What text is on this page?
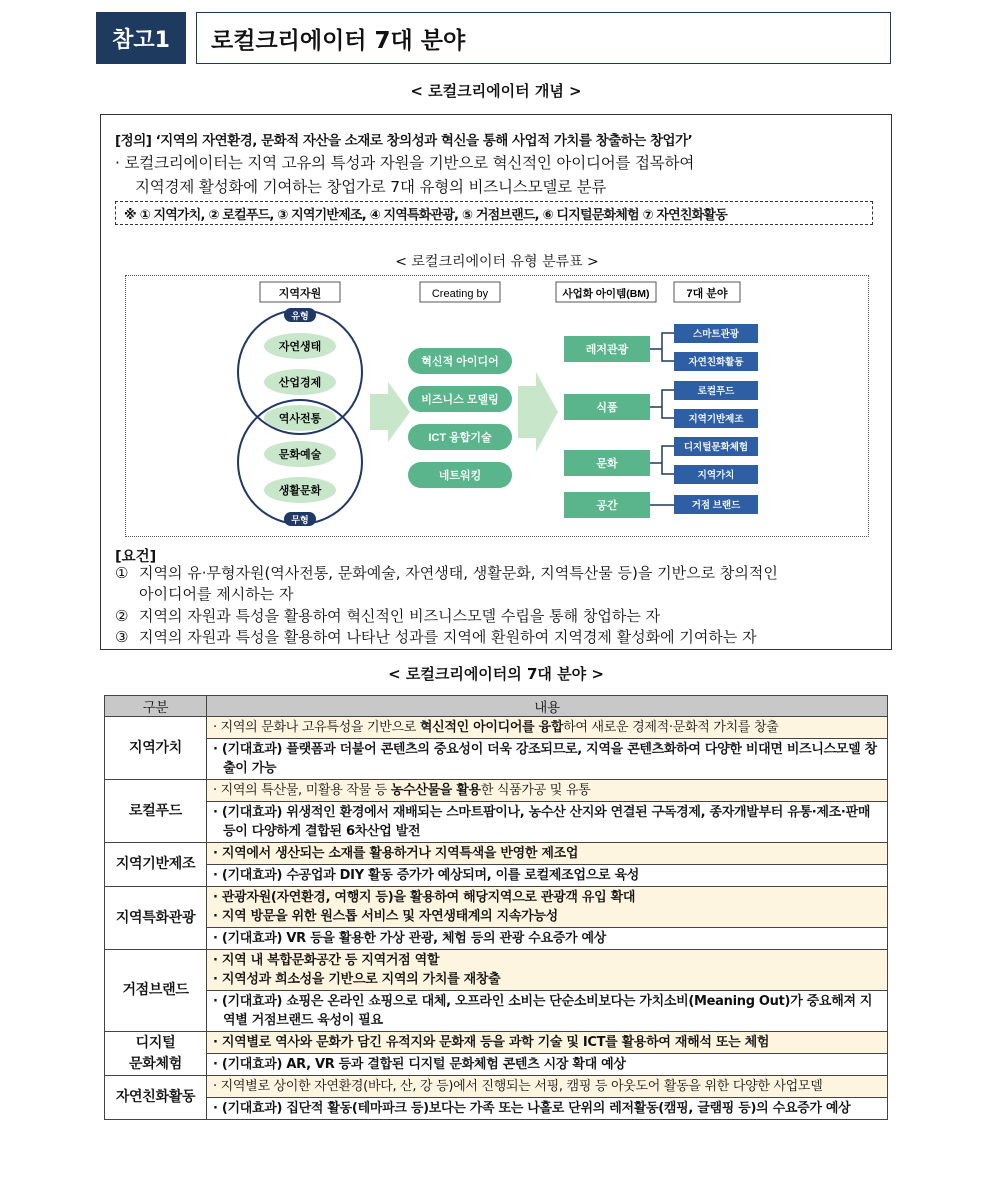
참고1	로컬크리에이터 7대 분야
< 로컬크리에이터 개념 >
[정의] ‘지역의 자연환경, 문화적 자산을 소재로 창의성과 혁신을 통해 사업적 가치를 창출하는 창업가’
· 로컬크리에이터는 지역 고유의 특성과 자원을 기반으로 혁신적인 아이디어를 접목하여
지역경제 활성화에 기여하는 창업가로 7대 유형의 비즈니스모델로 분류
※ ① 지역가치, ② 로컬푸드, ③ 지역기반제조, ④ 지역특화관광, ⑤ 거점브랜드, ⑥ 디지털문화체험 ⑦ 자연친화활동
< 로컬크리에이터 유형 분류표 >
지역자원	Creating by	사업화 아이템(BM)	7대 분야
유형
무형
자연생태
산업경제
역사전통
문화예술
생활문화
혁신적 아이디어
비즈니스 모델링
ICT 융합기술
네트워킹
레저관광
식품
문화
공간
스마트관광
자연친화활동
로컬푸드
지역기반제조
디지털문화체험
지역가치
거점 브랜드
[요건]
① 지역의 유·무형자원(역사전통, 문화예술, 자연생태, 생활문화, 지역특산물 등)을 기반으로 창의적인
아이디어를 제시하는 자
② 지역의 자원과 특성을 활용하여 혁신적인 비즈니스모델 수립을 통해 창업하는 자
③ 지역의 자원과 특성을 활용하여 나타난 성과를 지역에 환원하여 지역경제 활성화에 기여하는 자
< 로컬크리에이터의 7대 분야 >
구분	내용
지역가치	· 지역의 문화나 고유특성을 기반으로 혁신적인 아이디어를 융합하여 새로운 경제적·문화적 가치를 창출

	· (기대효과) 플랫폼과 더불어 콘텐츠의 중요성이 더욱 강조되므로, 지역을 콘텐츠화하여 다양한 비대면 비즈니스모델 창출이 가능

로컬푸드	· 지역의 특산물, 미활용 작물 등 농수산물을 활용한 식품가공 및 유통

	· (기대효과) 위생적인 환경에서 재배되는 스마트팜이나, 농수산 산지와 연결된 구독경제, 종자개발부터 유통·제조·판매 등이 다양하게 결합된 6차산업 발전

지역기반제조	· 지역에서 생산되는 소재를 활용하거나 지역특색을 반영한 제조업

	· (기대효과) 수공업과 DIY 활동 증가가 예상되며, 이를 로컬제조업으로 육성

지역특화관광	· 관광자원(자연환경, 여행지 등)을 활용하여 해당지역으로 관광객 유입 확대
· 지역 방문을 위한 원스톱 서비스 및 자연생태계의 지속가능성

	· (기대효과) VR 등을 활용한 가상 관광, 체험 등의 관광 수요증가 예상

거점브랜드	· 지역 내 복합문화공간 등 지역거점 역할
· 지역성과 희소성을 기반으로 지역의 가치를 재창출

	· (기대효과) 쇼핑은 온라인 쇼핑으로 대체, 오프라인 소비는 단순소비보다는 가치소비(Meaning Out)가 중요해져 지역별 거점브랜드 육성이 필요

디지털
문화체험	· 지역별로 역사와 문화가 담긴 유적지와 문화재 등을 과학 기술 및 ICT를 활용하여 재해석 또는 체험

	· (기대효과) AR, VR 등과 결합된 디지털 문화체험 콘텐츠 시장 확대 예상

자연친화활동	· 지역별로 상이한 자연환경(바다, 산, 강 등)에서 진행되는 서핑, 캠핑 등 아웃도어 활동을 위한 다양한 사업모델

	· (기대효과) 집단적 활동(테마파크 등)보다는 가족 또는 나홀로 단위의 레저활동(캠핑, 글램핑 등)의 수요증가 예상
